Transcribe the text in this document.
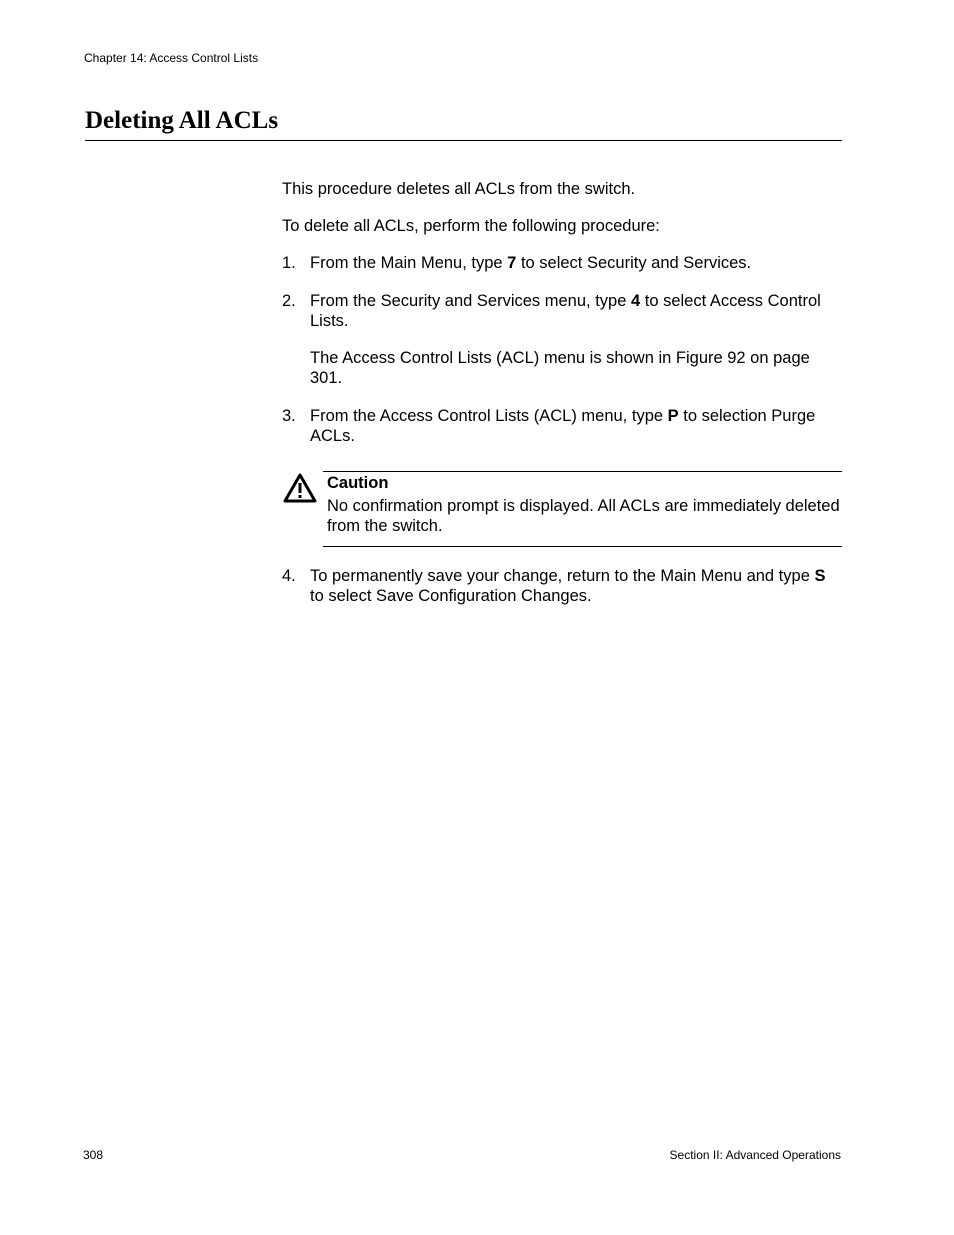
Chapter 14: Access Control Lists
Deleting All ACLs
This procedure deletes all ACLs from the switch.
To delete all ACLs, perform the following procedure:
1. From the Main Menu, type 7 to select Security and Services.
2. From the Security and Services menu, type 4 to select Access Control Lists.
The Access Control Lists (ACL) menu is shown in Figure 92 on page 301.
3. From the Access Control Lists (ACL) menu, type P to selection Purge ACLs.
Caution
No confirmation prompt is displayed. All ACLs are immediately deleted from the switch.
4. To permanently save your change, return to the Main Menu and type S to select Save Configuration Changes.
308	Section II: Advanced Operations
